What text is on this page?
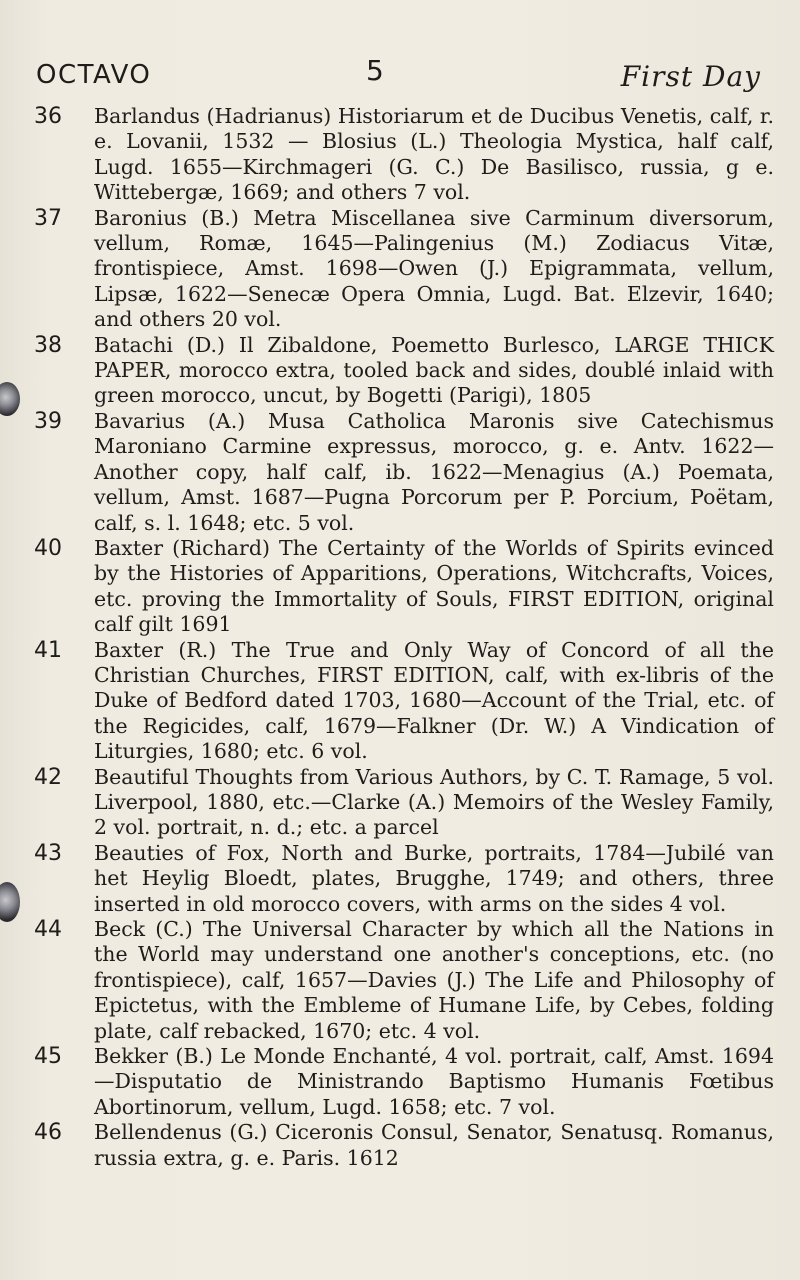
OCTAVO	5	First Day
36 Barlandus (Hadrianus) Historiarum et de Ducibus Venetis, calf, r. e. Lovanii, 1532 — Blosius (L.) Theologia Mystica, half calf, Lugd. 1655—Kirchmageri (G. C.) De Basilisco, russia, g e. Wittebergæ, 1669; and others 7 vol.
37 Baronius (B.) Metra Miscellanea sive Carminum diversorum, vellum, Romæ, 1645—Palingenius (M.) Zodiacus Vitæ, frontispiece, Amst. 1698—Owen (J.) Epigrammata, vellum, Lipsæ, 1622—Senecæ Opera Omnia, Lugd. Bat. Elzevir, 1640; and others 20 vol.
38 Batachi (D.) Il Zibaldone, Poemetto Burlesco, LARGE THICK PAPER, morocco extra, tooled back and sides, doublé inlaid with green morocco, uncut, by Bogetti (Parigi), 1805
39 Bavarius (A.) Musa Catholica Maronis sive Catechismus Maroniano Carmine expressus, morocco, g. e. Antv. 1622—Another copy, half calf, ib. 1622—Menagius (A.) Poemata, vellum, Amst. 1687—Pugna Porcorum per P. Porcium, Poëtam, calf, s. l. 1648; etc. 5 vol.
40 Baxter (Richard) The Certainty of the Worlds of Spirits evinced by the Histories of Apparitions, Operations, Witchcrafts, Voices, etc. proving the Immortality of Souls, FIRST EDITION, original calf gilt 1691
41 Baxter (R.) The True and Only Way of Concord of all the Christian Churches, FIRST EDITION, calf, with ex-libris of the Duke of Bedford dated 1703, 1680—Account of the Trial, etc. of the Regicides, calf, 1679—Falkner (Dr. W.) A Vindication of Liturgies, 1680; etc. 6 vol.
42 Beautiful Thoughts from Various Authors, by C. T. Ramage, 5 vol. Liverpool, 1880, etc.—Clarke (A.) Memoirs of the Wesley Family, 2 vol. portrait, n. d.; etc. a parcel
43 Beauties of Fox, North and Burke, portraits, 1784—Jubilé van het Heylig Bloedt, plates, Brugghe, 1749; and others, three inserted in old morocco covers, with arms on the sides 4 vol.
44 Beck (C.) The Universal Character by which all the Nations in the World may understand one another's conceptions, etc. (no frontispiece), calf, 1657—Davies (J.) The Life and Philosophy of Epictetus, with the Embleme of Humane Life, by Cebes, folding plate, calf rebacked, 1670; etc. 4 vol.
45 Bekker (B.) Le Monde Enchanté, 4 vol. portrait, calf, Amst. 1694—Disputatio de Ministrando Baptismo Humanis Fœtibus Abortinorum, vellum, Lugd. 1658; etc. 7 vol.
46 Bellendenus (G.) Ciceronis Consul, Senator, Senatusq. Romanus, russia extra, g. e. Paris. 1612
